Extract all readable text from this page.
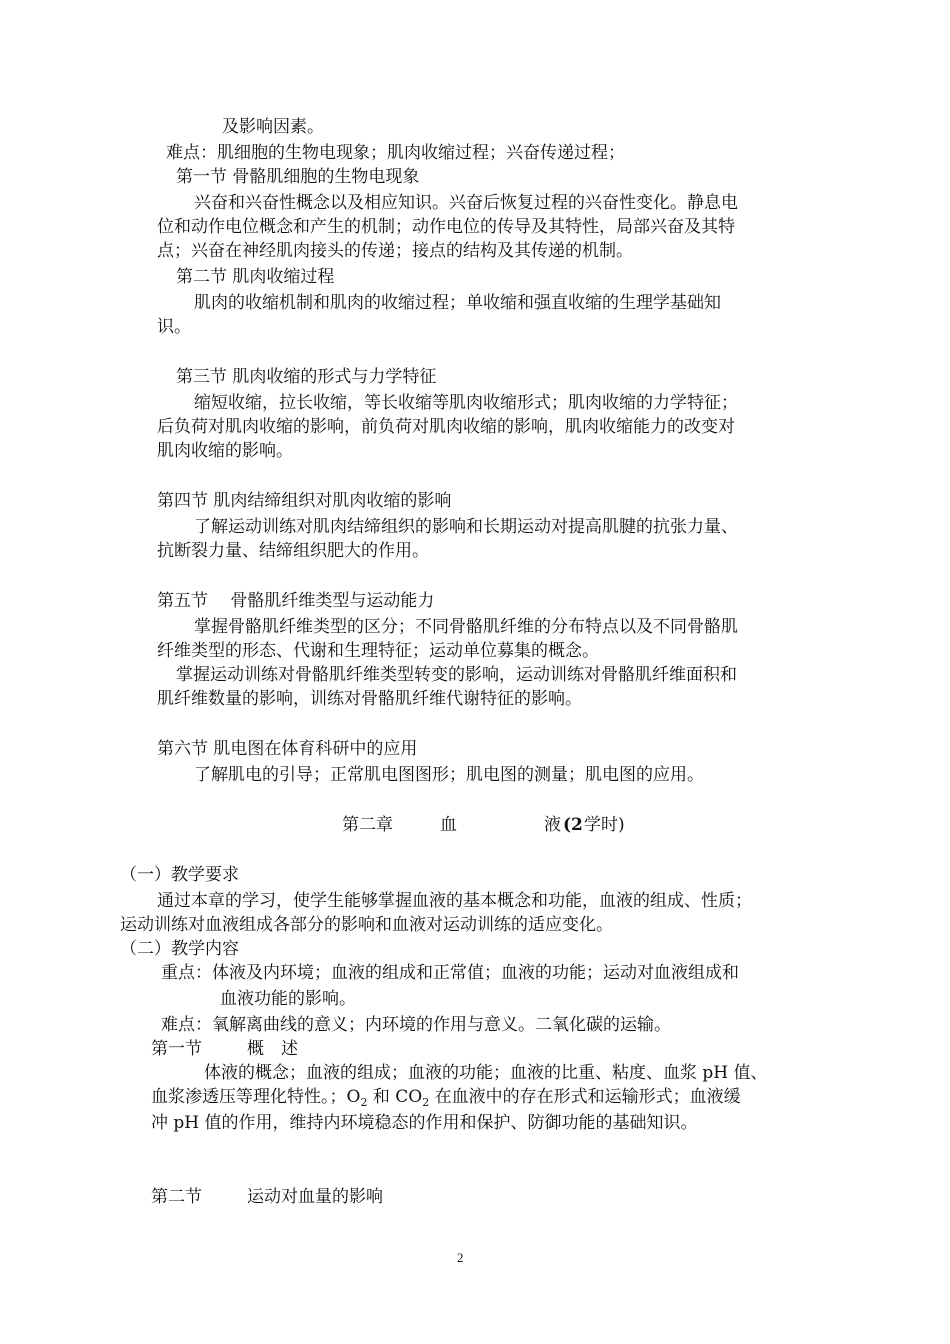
及影响因素。
难点：肌细胞的生物电现象；肌肉收缩过程；兴奋传递过程；
第一节 骨骼肌细胞的生物电现象
兴奋和兴奋性概念以及相应知识。兴奋后恢复过程的兴奋性变化。静息电
位和动作电位概念和产生的机制；动作电位的传导及其特性，局部兴奋及其特
点；兴奋在神经肌肉接头的传递；接点的结构及其传递的机制。
第二节 肌肉收缩过程
肌肉的收缩机制和肌肉的收缩过程；单收缩和强直收缩的生理学基础知
识。
第三节 肌肉收缩的形式与力学特征
缩短收缩，拉长收缩，等长收缩等肌肉收缩形式；肌肉收缩的力学特征；
后负荷对肌肉收缩的影响，前负荷对肌肉收缩的影响，肌肉收缩能力的改变对
肌肉收缩的影响。
第四节 肌肉结缔组织对肌肉收缩的影响
了解运动训练对肌肉结缔组织的影响和长期运动对提高肌腱的抗张力量、
抗断裂力量、结缔组织肥大的作用。
第五节　 骨骼肌纤维类型与运动能力
掌握骨骼肌纤维类型的区分；不同骨骼肌纤维的分布特点以及不同骨骼肌
纤维类型的形态、代谢和生理特征；运动单位募集的概念。
掌握运动训练对骨骼肌纤维类型转变的影响，运动训练对骨骼肌纤维面积和
肌纤维数量的影响，训练对骨骼肌纤维代谢特征的影响。
第六节 肌电图在体育科研中的应用
了解肌电的引导；正常肌电图图形；肌电图的测量；肌电图的应用。
第二章	血	液 (2 学时)
（一）教学要求
通过本章的学习，使学生能够掌握血液的基本概念和功能，血液的组成、性质；
运动训练对血液组成各部分的影响和血液对运动训练的适应变化。
（二）教学内容
重点：体液及内环境；血液的组成和正常值；血液的功能；运动对血液组成和
血液功能的影响。
难点：氧解离曲线的意义；内环境的作用与意义。二氧化碳的运输。
第一节	概　述
体液的概念；血液的组成；血液的功能；血液的比重、粘度、血浆 pH 值、
血浆渗透压等理化特性。；$O_2$ 和 $CO_2$ 在血液中的存在形式和运输形式；血液缓
冲 pH 值的作用，维持内环境稳态的作用和保护、防御功能的基础知识。
第二节	运动对血量的影响
2
